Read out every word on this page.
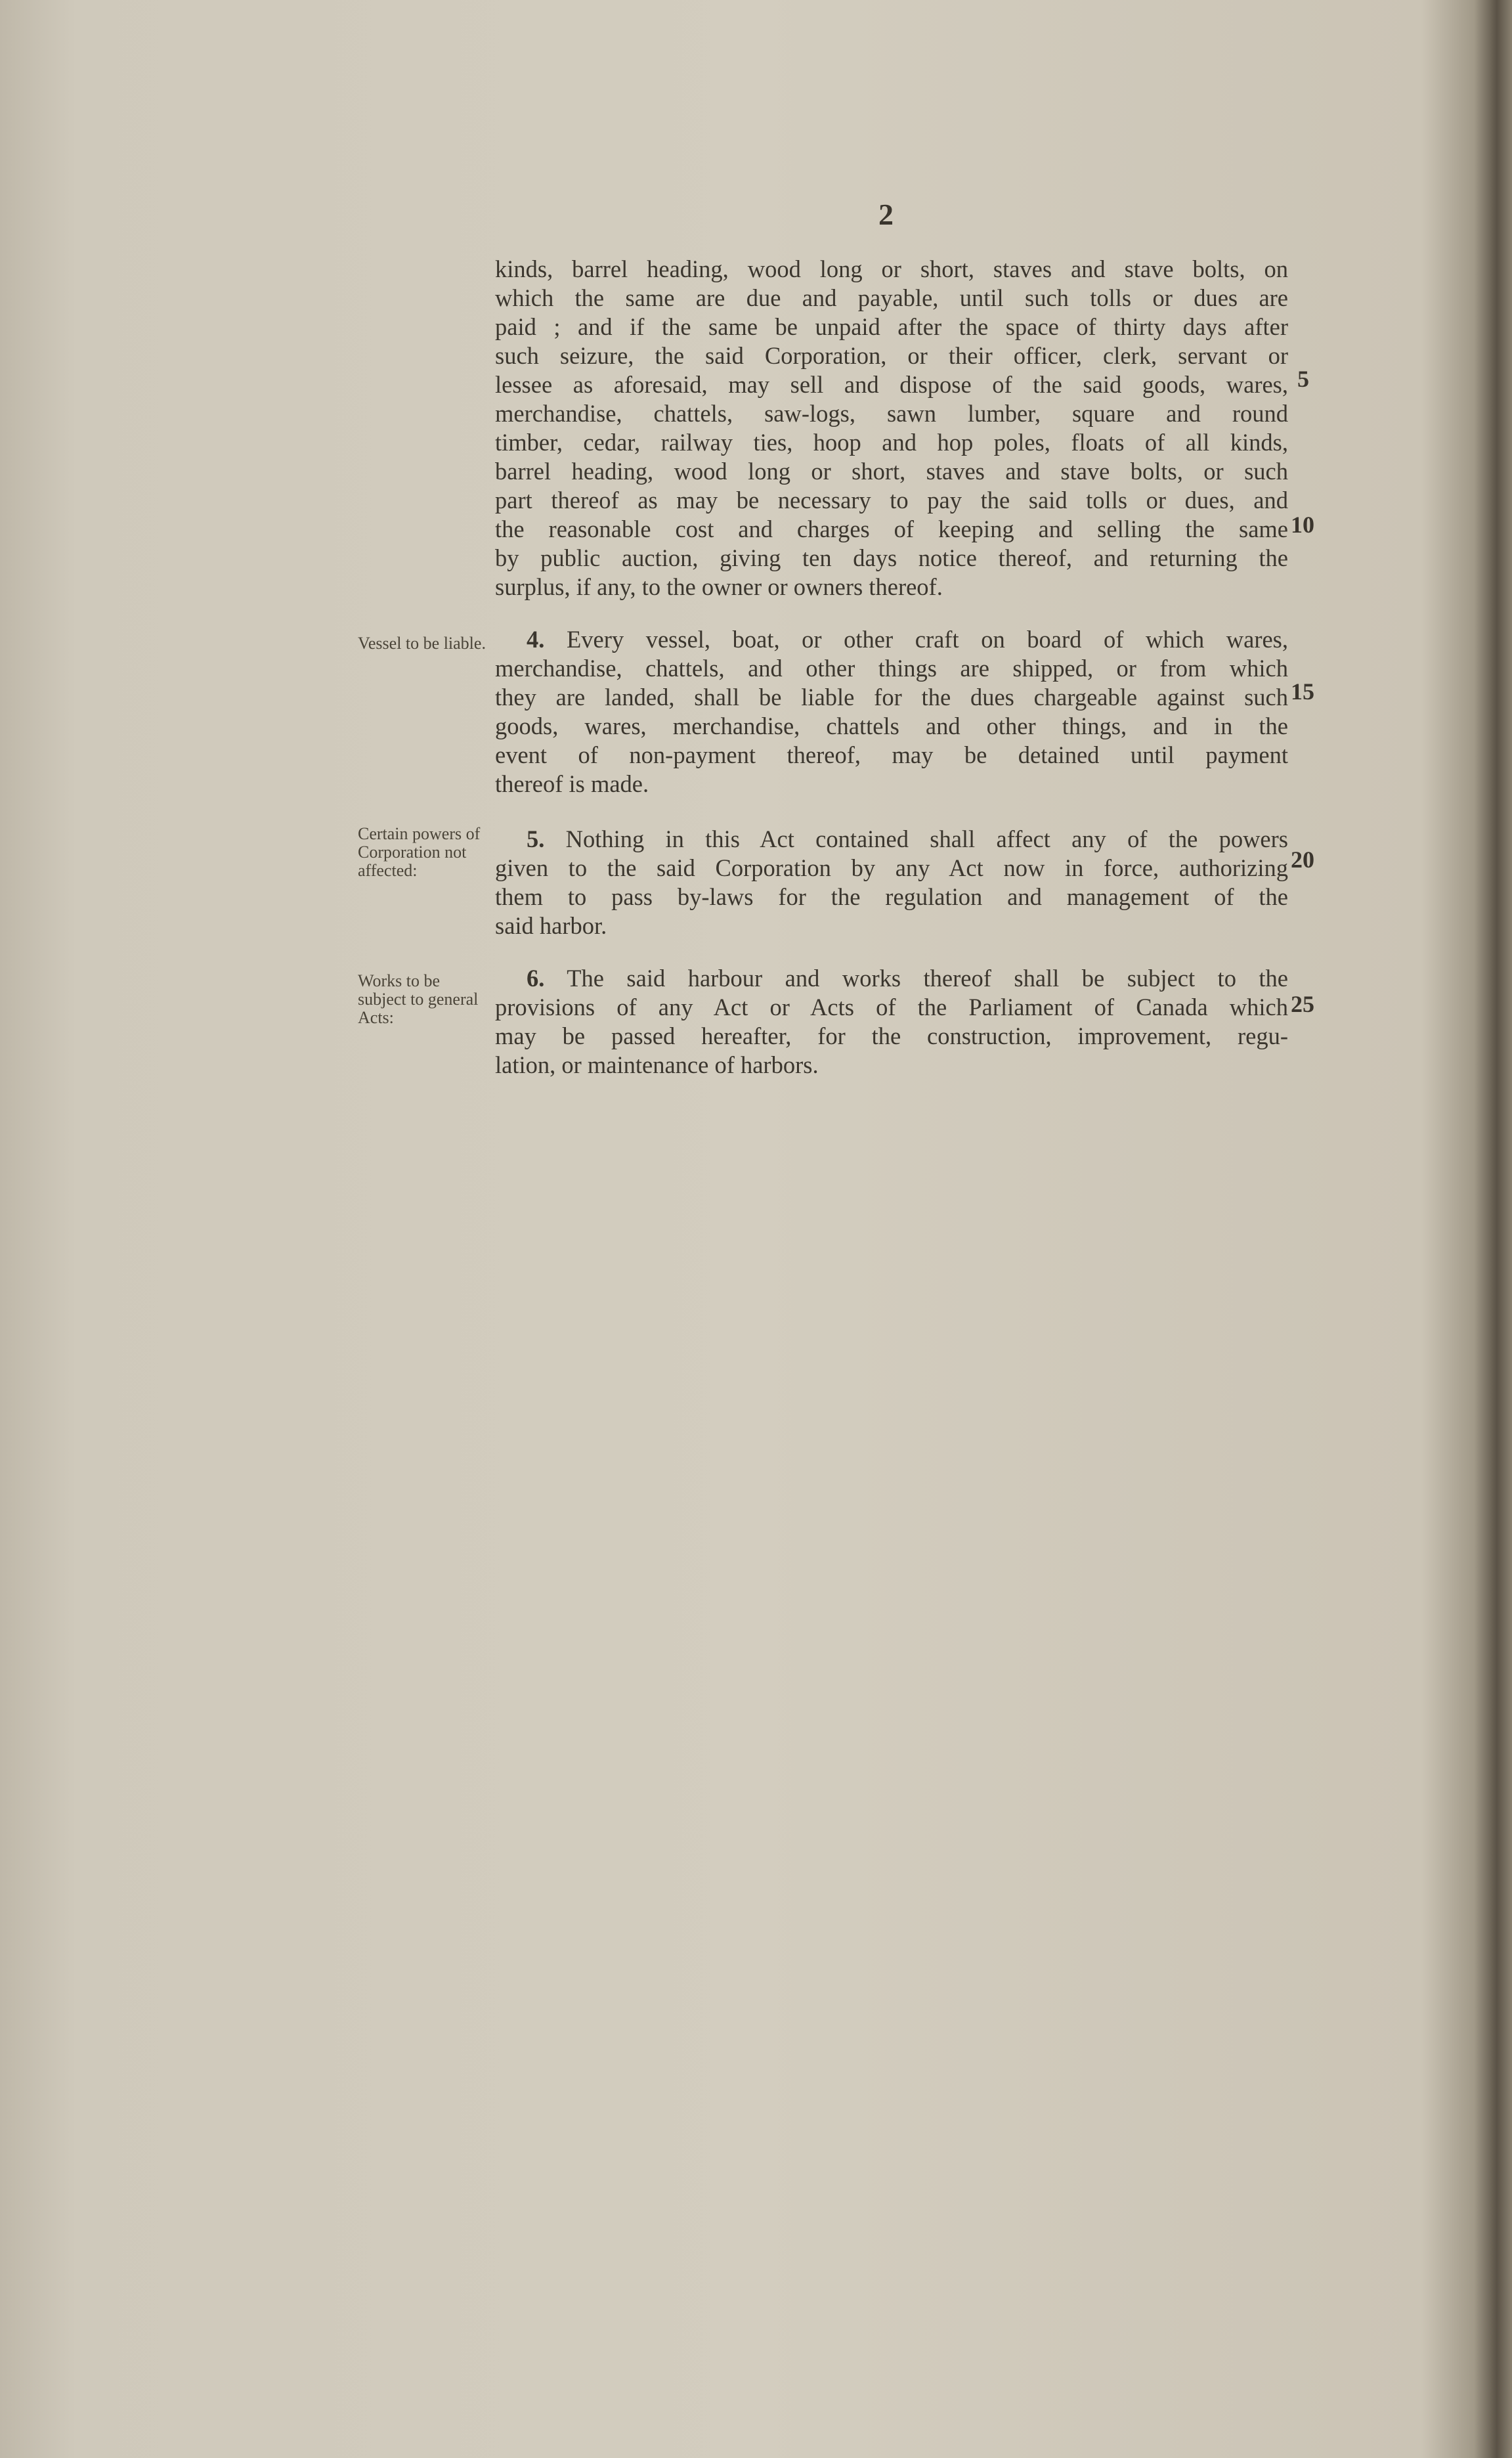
2
kinds, barrel heading, wood long or short, staves and stave bolts, on
which the same are due and payable, until such tolls or dues are
paid ; and if the same be unpaid after the space of thirty days after
such seizure, the said Corporation, or their officer, clerk, servant or
lessee as aforesaid, may sell and dispose of the said goods, wares,
merchandise, chattels, saw-logs, sawn lumber, square and round
timber, cedar, railway ties, hoop and hop poles, floats of all kinds,
barrel heading, wood long or short, staves and stave bolts, or such
part thereof as may be necessary to pay the said tolls or dues, and
the reasonable cost and charges of keeping and selling the same
by public auction, giving ten days notice thereof, and returning the
surplus, if any, to the owner or owners thereof.
Vessel to be liable.	4. Every vessel, boat, or other craft on board of which wares,
merchandise, chattels, and other things are shipped, or from which
they are landed, shall be liable for the dues chargeable against such
goods, wares, merchandise, chattels and other things, and in the
event of non-payment thereof, may be detained until payment
thereof is made.
Certain powers of Corporation not affected:
5. Nothing in this Act contained shall affect any of the powers
given to the said Corporation by any Act now in force, authorizing
them to pass by-laws for the regulation and management of the
said harbor.
Works to be subject to general Acts:
6. The said harbour and works thereof shall be subject to the
provisions of any Act or Acts of the Parliament of Canada which
may be passed hereafter, for the construction, improvement, regu-
lation, or maintenance of harbors.
5
10
15
20
25
